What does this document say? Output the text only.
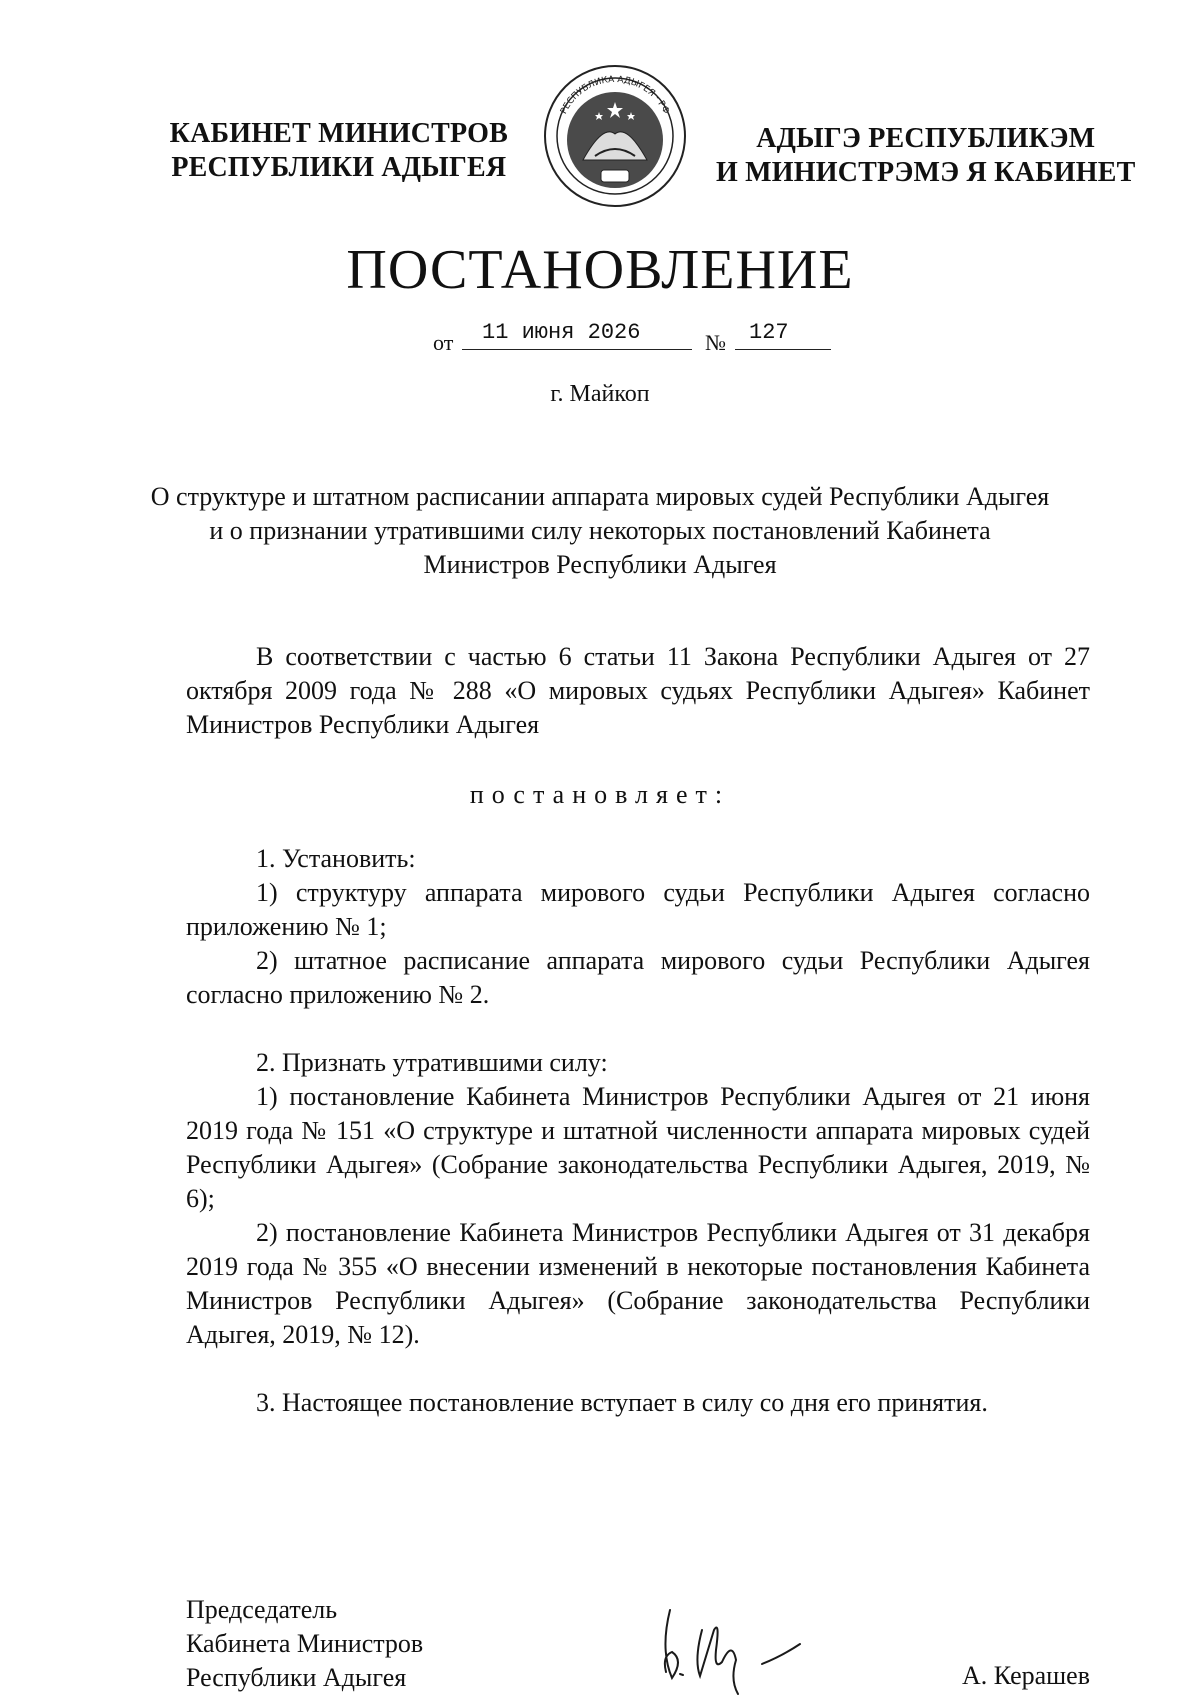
КАБИНЕТ МИНИСТРОВ
РЕСПУБЛИКИ АДЫГЕЯ
РЕСПУБЛИКА АДЫГЕЯ · РФ
АДЫГЭ РЕСПУБЛИКЭМ
И МИНИСТРЭМЭ Я КАБИНЕТ
ПОСТАНОВЛЕНИЕ
от	11 июня 2026	№	127
г. Майкоп
О структуре и штатном расписании аппарата мировых судей Республики Адыгея и о признании утратившими силу некоторых постановлений Кабинета Министров Республики Адыгея

В соответствии с частью 6 статьи 11 Закона Республики Адыгея от 27 октября 2009 года № 288 «О мировых судьях Республики Адыгея» Кабинет Министров Республики Адыгея

постановляет:

1. Установить:

1) структуру аппарата мирового судьи Республики Адыгея согласно приложению № 1;

2) штатное расписание аппарата мирового судьи Республики Адыгея согласно приложению № 2.

2. Признать утратившими силу:

1) постановление Кабинета Министров Республики Адыгея от 21 июня 2019 года № 151 «О структуре и штатной численности аппарата мировых судей Республики Адыгея» (Собрание законодательства Республики Адыгея, 2019, № 6);

2) постановление Кабинета Министров Республики Адыгея от 31 декабря 2019 года № 355 «О внесении изменений в некоторые постановления Кабинета Министров Республики Адыгея» (Собрание законодательства Республики Адыгея, 2019, № 12).

3. Настоящее постановление вступает в силу со дня его принятия.

Председатель
Кабинета Министров
Республики Адыгея	А. Керашев
